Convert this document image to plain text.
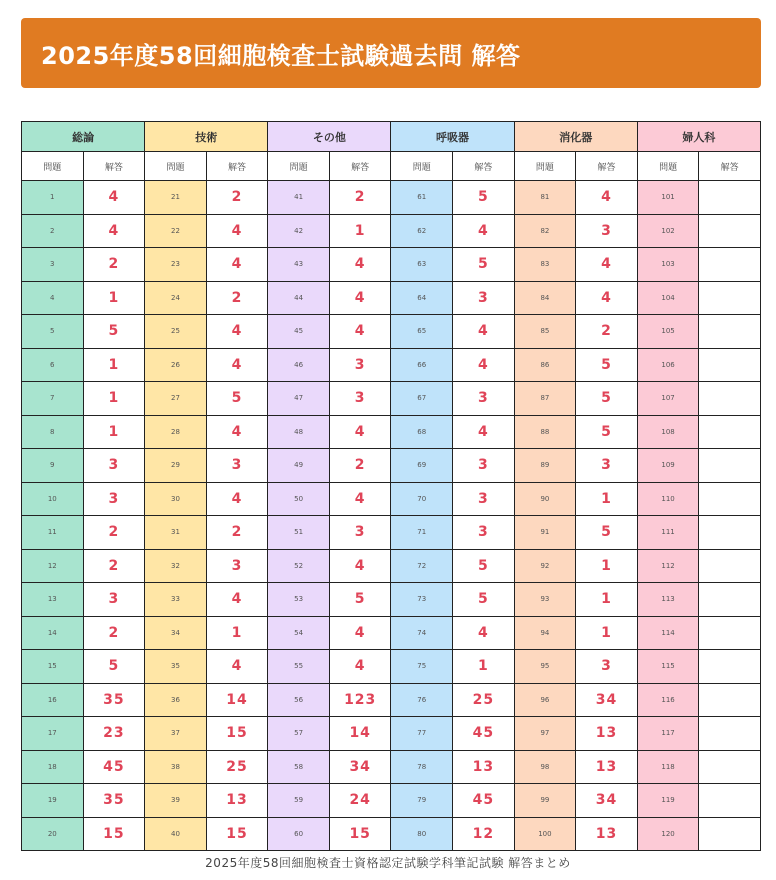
2025年度58回細胞検査士試験過去問 解答
総論		技術		その他		呼吸器		消化器		婦人科	
問題	解答	問題	解答	問題	解答	問題	解答	問題	解答	問題	解答
1	4	21	2	41	2	61	5	81	4	101	
2	4	22	4	42	1	62	4	82	3	102	
3	2	23	4	43	4	63	5	83	4	103	
4	1	24	2	44	4	64	3	84	4	104	
5	5	25	4	45	4	65	4	85	2	105	
6	1	26	4	46	3	66	4	86	5	106	
7	1	27	5	47	3	67	3	87	5	107	
8	1	28	4	48	4	68	4	88	5	108	
9	3	29	3	49	2	69	3	89	3	109	
10	3	30	4	50	4	70	3	90	1	110	
11	2	31	2	51	3	71	3	91	5	111	
12	2	32	3	52	4	72	5	92	1	112	
13	3	33	4	53	5	73	5	93	1	113	
14	2	34	1	54	4	74	4	94	1	114	
15	5	35	4	55	4	75	1	95	3	115	
16	35	36	14	56	123	76	25	96	34	116	
17	23	37	15	57	14	77	45	97	13	117	
18	45	38	25	58	34	78	13	98	13	118	
19	35	39	13	59	24	79	45	99	34	119	
20	15	40	15	60	15	80	12	100	13	120	
2025年度58回細胞検査士資格認定試験学科筆記試験 解答まとめ
